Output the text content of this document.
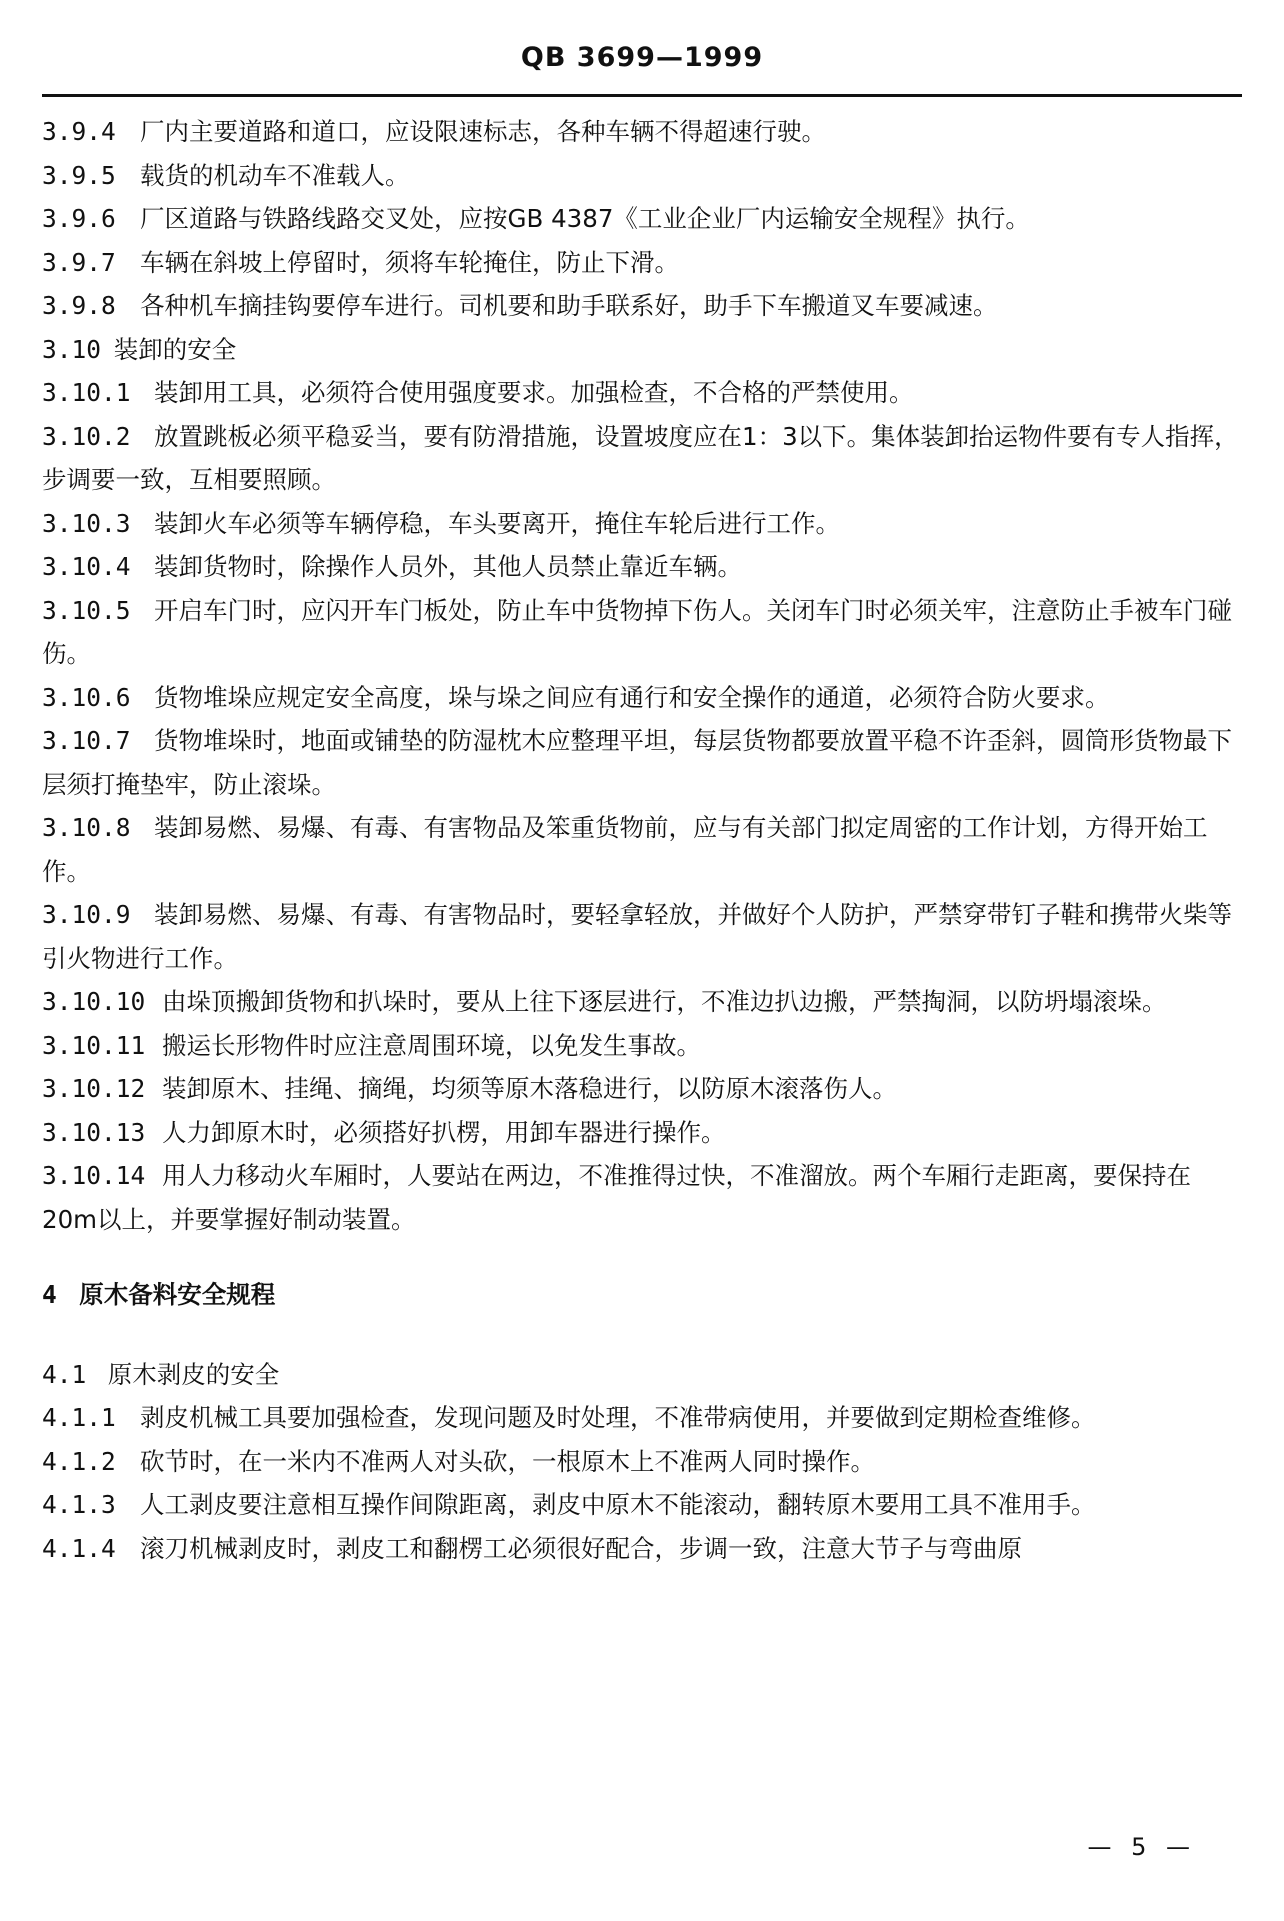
QB 3699—1999

3.9.4 厂内主要道路和道口，应设限速标志，各种车辆不得超速行驶。

3.9.5 载货的机动车不准载人。

3.9.6 厂区道路与铁路线路交叉处，应按GB 4387《工业企业厂内运输安全规程》执行。

3.9.7 车辆在斜坡上停留时，须将车轮掩住，防止下滑。

3.9.8 各种机车摘挂钩要停车进行。司机要和助手联系好，助手下车搬道叉车要减速。

3.10 装卸的安全

3.10.1 装卸用工具，必须符合使用强度要求。加强检查，不合格的严禁使用。

3.10.2 放置跳板必须平稳妥当，要有防滑措施，设置坡度应在1：3以下。集体装卸抬运物件要有专人指挥，步调要一致，互相要照顾。

3.10.3 装卸火车必须等车辆停稳，车头要离开，掩住车轮后进行工作。

3.10.4 装卸货物时，除操作人员外，其他人员禁止靠近车辆。

3.10.5 开启车门时，应闪开车门板处，防止车中货物掉下伤人。关闭车门时必须关牢，注意防止手被车门碰伤。

3.10.6 货物堆垛应规定安全高度，垛与垛之间应有通行和安全操作的通道，必须符合防火要求。

3.10.7 货物堆垛时，地面或铺垫的防湿枕木应整理平坦，每层货物都要放置平稳不许歪斜，圆筒形货物最下层须打掩垫牢，防止滚垛。

3.10.8 装卸易燃、易爆、有毒、有害物品及笨重货物前，应与有关部门拟定周密的工作计划，方得开始工作。

3.10.9 装卸易燃、易爆、有毒、有害物品时，要轻拿轻放，并做好个人防护，严禁穿带钉子鞋和携带火柴等引火物进行工作。

3.10.10 由垛顶搬卸货物和扒垛时，要从上往下逐层进行，不准边扒边搬，严禁掏洞，以防坍塌滚垛。

3.10.11 搬运长形物件时应注意周围环境，以免发生事故。

3.10.12 装卸原木、挂绳、摘绳，均须等原木落稳进行，以防原木滚落伤人。

3.10.13 人力卸原木时，必须搭好扒楞，用卸车器进行操作。

3.10.14 用人力移动火车厢时，人要站在两边，不准推得过快，不准溜放。两个车厢行走距离，要保持在20m以上，并要掌握好制动装置。

4 原木备料安全规程

4.1 原木剥皮的安全

4.1.1 剥皮机械工具要加强检查，发现问题及时处理，不准带病使用，并要做到定期检查维修。

4.1.2 砍节时，在一米内不准两人对头砍，一根原木上不准两人同时操作。

4.1.3 人工剥皮要注意相互操作间隙距离，剥皮中原木不能滚动，翻转原木要用工具不准用手。

4.1.4 滚刀机械剥皮时，剥皮工和翻楞工必须很好配合，步调一致，注意大节子与弯曲原

— 5 —
